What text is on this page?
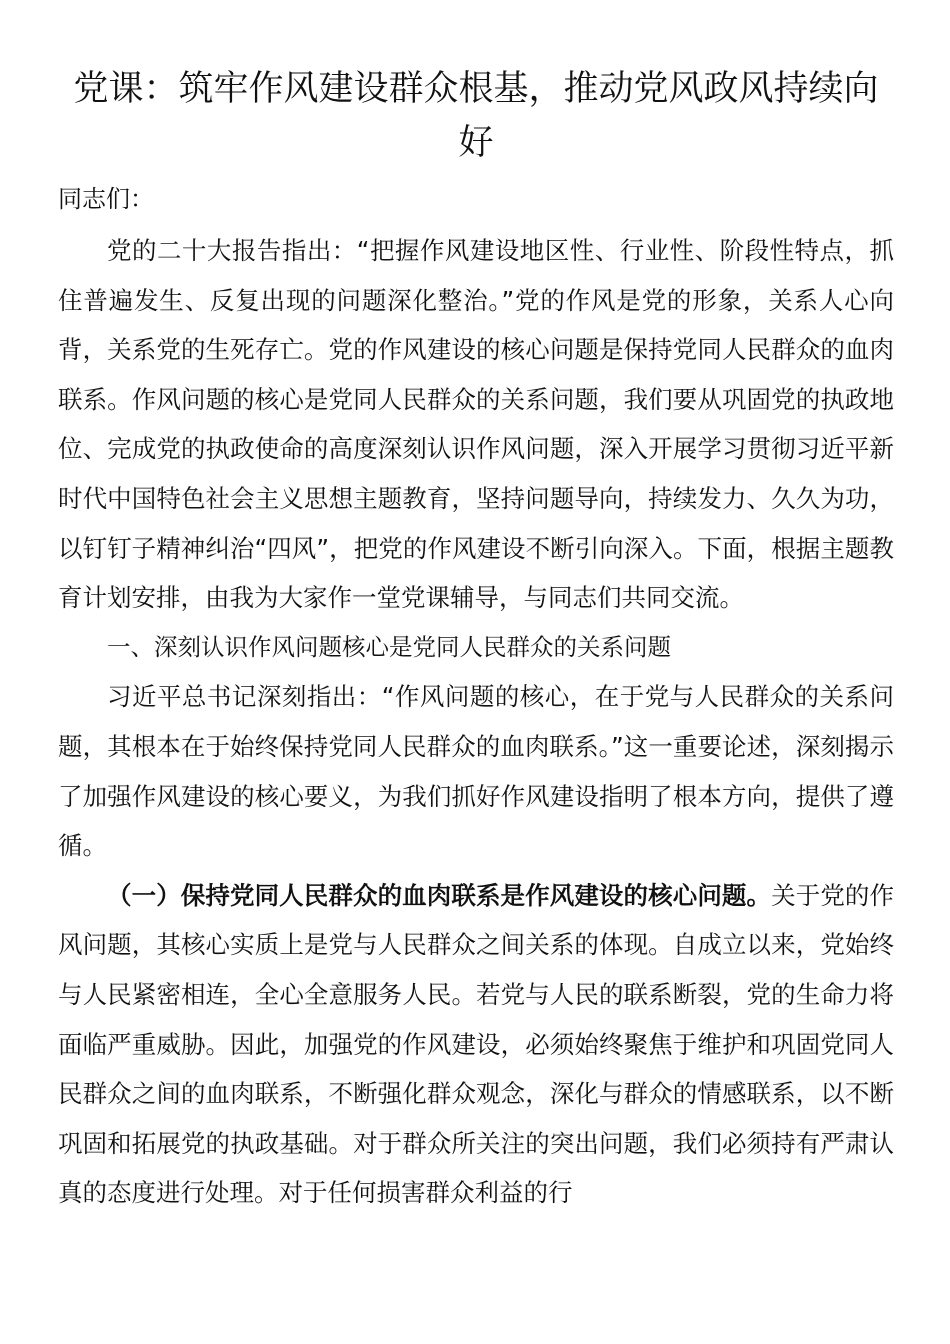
党课：筑牢作风建设群众根基，推动党风政风持续向好

同志们：

党的二十大报告指出：“把握作风建设地区性、行业性、阶段性特点，抓住普遍发生、反复出现的问题深化整治。”党的作风是党的形象，关系人心向背，关系党的生死存亡。党的作风建设的核心问题是保持党同人民群众的血肉联系。作风问题的核心是党同人民群众的关系问题，我们要从巩固党的执政地位、完成党的执政使命的高度深刻认识作风问题，深入开展学习贯彻习近平新时代中国特色社会主义思想主题教育，坚持问题导向，持续发力、久久为功，以钉钉子精神纠治“四风”，把党的作风建设不断引向深入。下面，根据主题教育计划安排，由我为大家作一堂党课辅导，与同志们共同交流。

一、深刻认识作风问题核心是党同人民群众的关系问题

习近平总书记深刻指出：“作风问题的核心，在于党与人民群众的关系问题，其根本在于始终保持党同人民群众的血肉联系。”这一重要论述，深刻揭示了加强作风建设的核心要义，为我们抓好作风建设指明了根本方向，提供了遵循。

（一）保持党同人民群众的血肉联系是作风建设的核心问题。关于党的作风问题，其核心实质上是党与人民群众之间关系的体现。自成立以来，党始终与人民紧密相连，全心全意服务人民。若党与人民的联系断裂，党的生命力将面临严重威胁。因此，加强党的作风建设，必须始终聚焦于维护和巩固党同人民群众之间的血肉联系，不断强化群众观念，深化与群众的情感联系，以不断巩固和拓展党的执政基础。对于群众所关注的突出问题，我们必须持有严肃认真的态度进行处理。对于任何损害群众利益的行
